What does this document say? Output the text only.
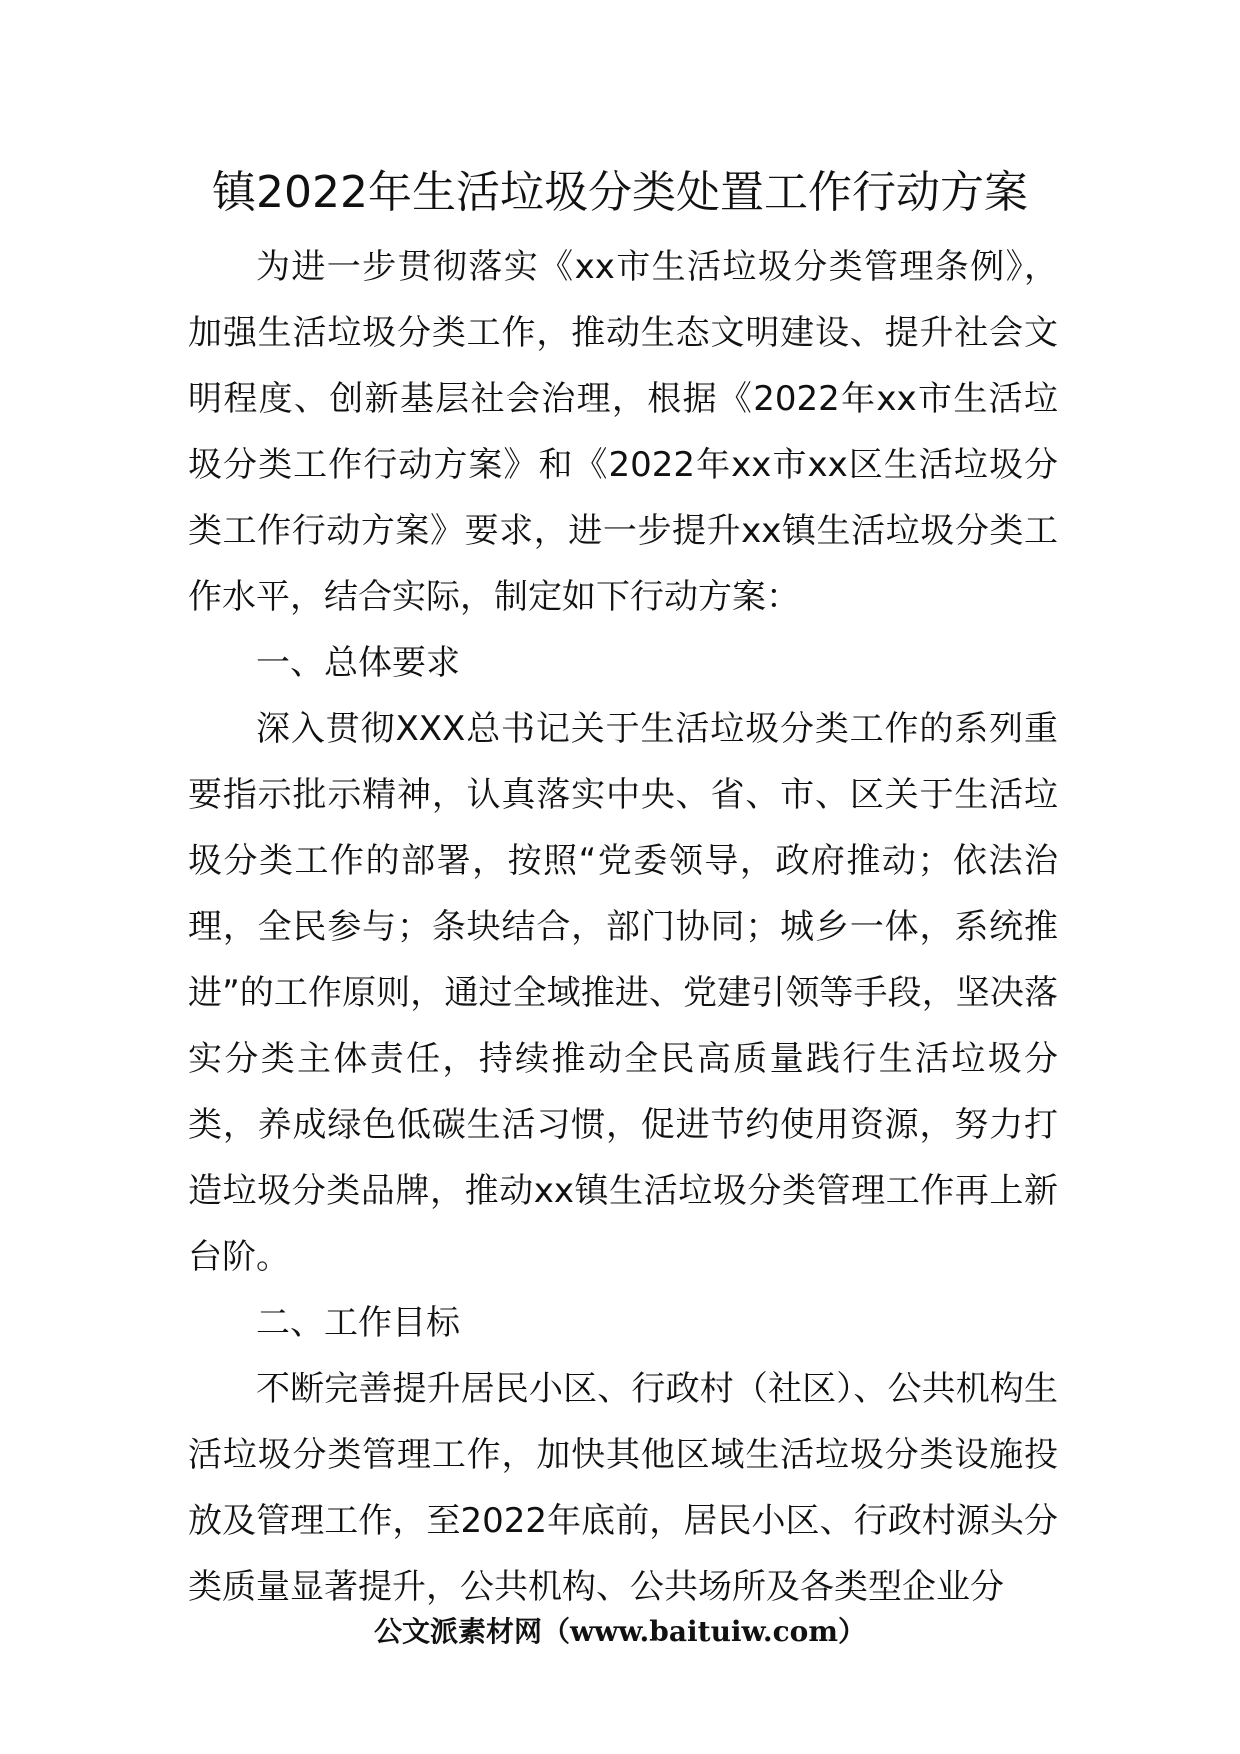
镇2022年生活垃圾分类处置工作行动方案

为进一步贯彻落实《xx市生活垃圾分类管理条例》，加强生活垃圾分类工作，推动生态文明建设、提升社会文明程度、创新基层社会治理，根据《2022年xx市生活垃圾分类工作行动方案》和《2022年xx市xx区生活垃圾分类工作行动方案》要求，进一步提升xx镇生活垃圾分类工作水平，结合实际，制定如下行动方案：

一、总体要求

深入贯彻XXX总书记关于生活垃圾分类工作的系列重要指示批示精神，认真落实中央、省、市、区关于生活垃圾分类工作的部署，按照“党委领导，政府推动；依法治理，全民参与；条块结合，部门协同；城乡一体，系统推进”的工作原则，通过全域推进、党建引领等手段，坚决落实分类主体责任，持续推动全民高质量践行生活垃圾分类，养成绿色低碳生活习惯，促进节约使用资源，努力打造垃圾分类品牌，推动xx镇生活垃圾分类管理工作再上新台阶。

二、工作目标

不断完善提升居民小区、行政村（社区）、公共机构生活垃圾分类管理工作，加快其他区域生活垃圾分类设施投放及管理工作，至2022年底前，居民小区、行政村源头分类质量显著提升，公共机构、公共场所及各类型企业分

公文派素材网（www.baituiw.com）
